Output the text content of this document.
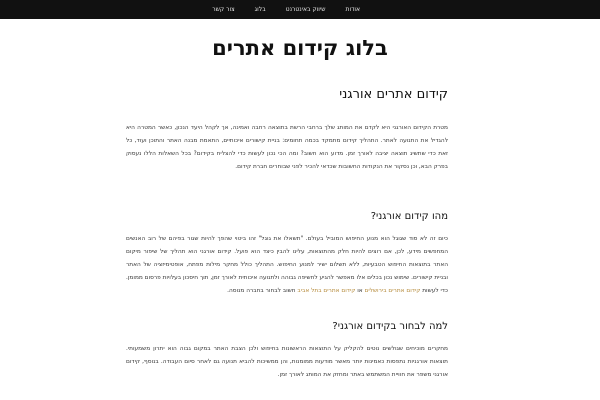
אודות
שיווק באינטרנט
בלוג
צור קשר
בלוג קידום אתרים
קידום אתרים אורגני

מטרת הקידום האורגני היא לקדם את המותג שלך ברחבי הרשת בתוצאה רחבה ואמינה, אך לקהל היעד הנכון, כאשר המטרה היא להגדיל את התנועה לאתר. התהליך קידום מתמקד בכמה תחומים: בניית קישורים איכותיים, התאמת מבנה האתר והתוכן ועוד, כל זאת כדי שתשיג תוצאה יציבה לאורך זמן. מדוע הוא חשוב? ומה הכי נכון לעשות כדי להצליח בקידום? בכל השאלות הללו נעסוק בפרק הבא, וכן נסקור את הנקודות החשובות שכדאי להכיר לפני שבוחרים חברת קידום.

מהו קידום אורגני?

כיום זה לא סוד שגוגל הוא מנוע החיפוש המוביל בעולם. "תשאלו את גוגל" זהו ביטוי שהפך להיות שגור בפיהם של רוב האנשים המחפשים מידע, לכן, אם רוצים להיות חלק מהתוצאות, עלינו להבין כיצד הוא פועל. קידום אורגני הוא תהליך של שיפור מיקום האתר בתוצאות החיפוש הטבעיות, ללא תשלום ישיר למנוע החיפוש. התהליך כולל מחקר מילות מפתח, אופטימיזציה של האתר ובניית קישורים. שימוש נכון בכלים אלו מאפשר להגיע לחשיפה גבוהה ולתנועה איכותית לאורך זמן, תוך חיסכון בעלויות פרסום ממומן. כדי לעשות קידום אתרים בירושלים או קידום אתרים בתל אביב חשוב לבחור בחברה מנוסה.

למה לבחור בקידום אורגני?

מחקרים מוכיחים שגולשים נוטים להקליק על התוצאות הראשונות בחיפוש ולכן הצבת האתר במקום גבוה הוא יתרון משמעותי. תוצאות אורגניות נתפסות כאמינות יותר מאשר מודעות ממומנות, והן ממשיכות להביא תנועה גם לאחר סיום העבודה. בנוסף, קידום אורגני משפר את חוויית המשתמש באתר ומחזק את המותג לאורך זמן.
